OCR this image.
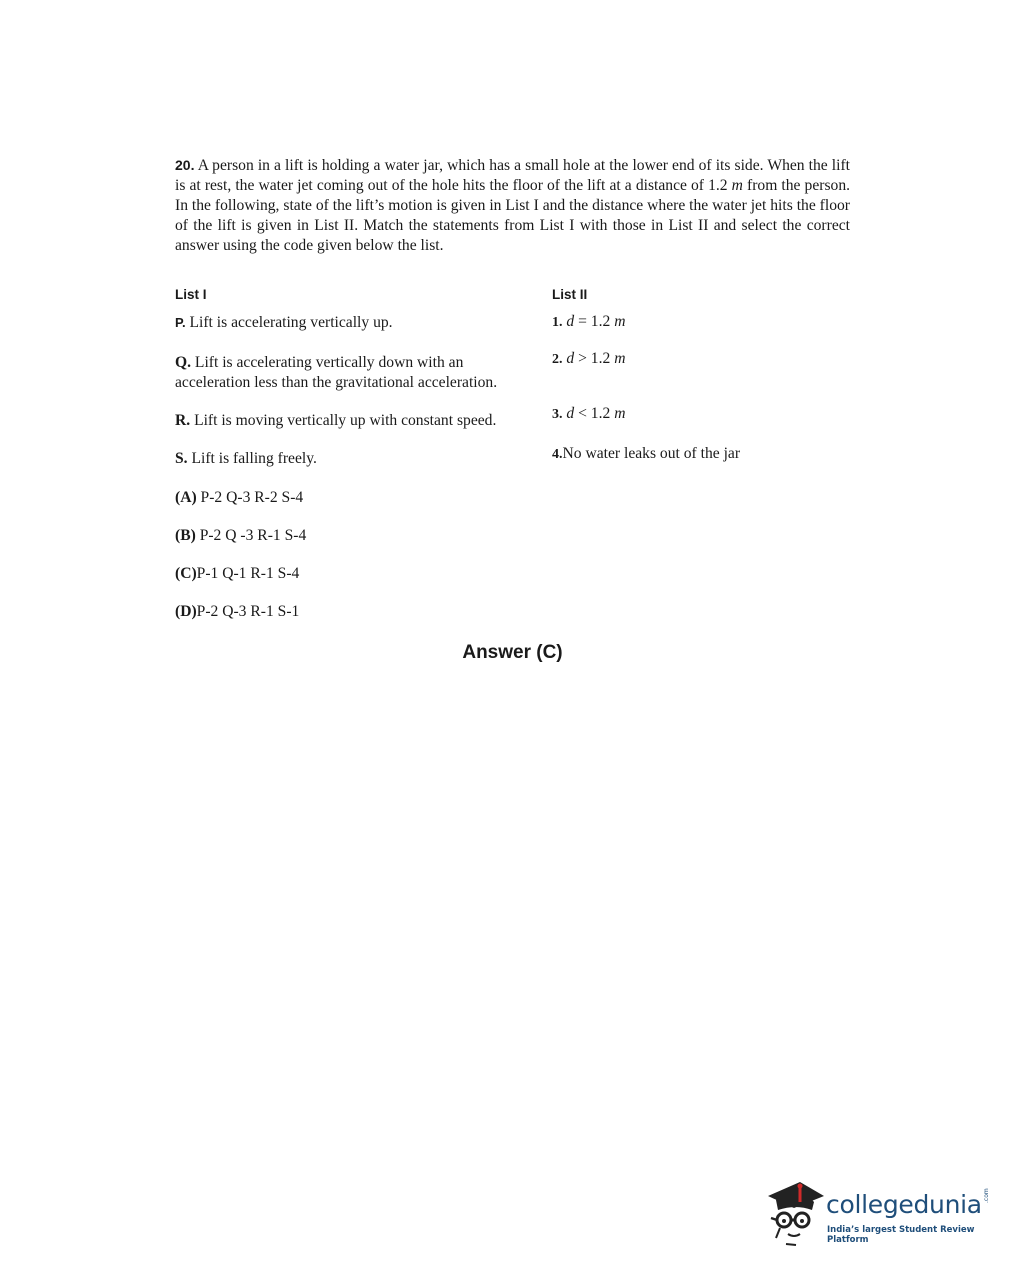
20. A person in a lift is holding a water jar, which has a small hole at the lower end of its side. When the lift is at rest, the water jet coming out of the hole hits the floor of the lift at a distance of 1.2 m from the person. In the following, state of the lift’s motion is given in List I and the distance where the water jet hits the floor of the lift is given in List II. Match the statements from List I with those in List II and select the correct answer using the code given below the list.
List I	List II
P. Lift is accelerating vertically up.
Q. Lift is accelerating vertically down with an
acceleration less than the gravitational acceleration.
R. Lift is moving vertically up with constant speed.
S. Lift is falling freely.
1. d = 1.2 m
2. d > 1.2 m
3. d < 1.2 m
4.No water leaks out of the jar
(A) P-2 Q-3 R-2 S-4
(B) P-2 Q -3 R-1 S-4
(C)P-1 Q-1 R-1 S-4
(D)P-2 Q-3 R-1 S-1
Answer (C)
collegedunia .com
India’s largest Student Review Platform
